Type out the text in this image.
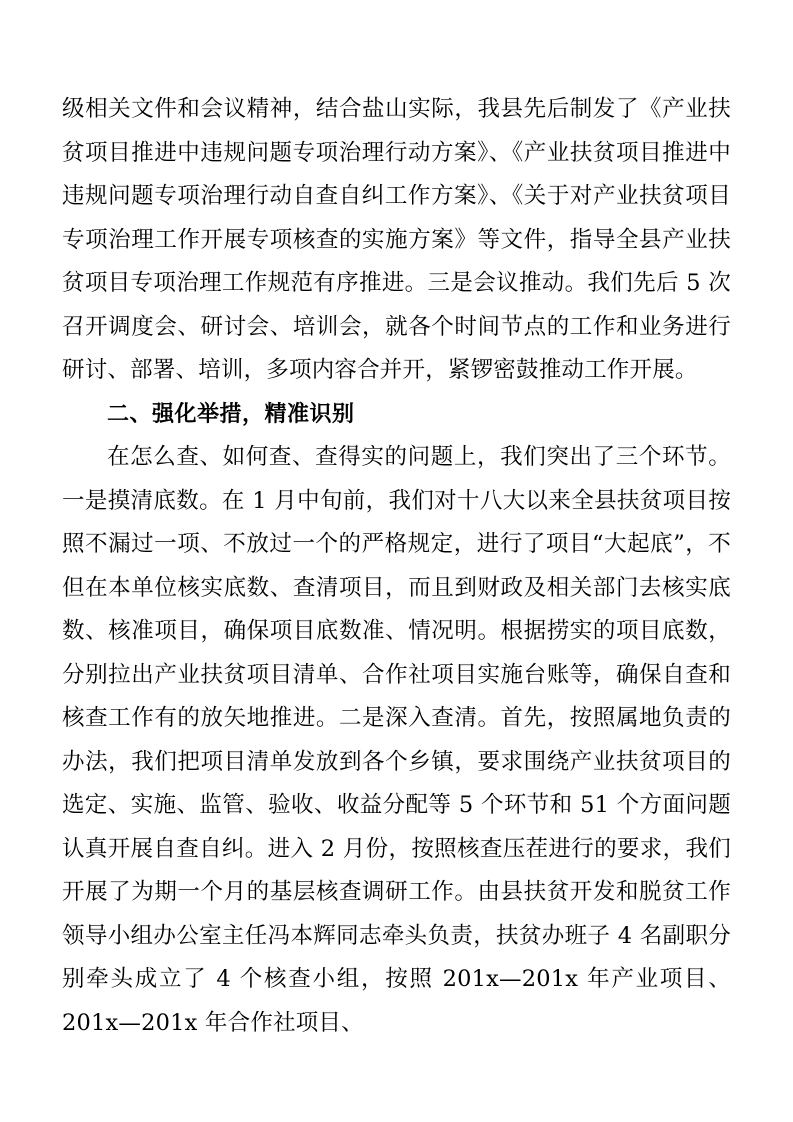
级相关文件和会议精神，结合盐山实际，我县先后制发了《产业扶贫项目推进中违规问题专项治理行动方案》、《产业扶贫项目推进中违规问题专项治理行动自查自纠工作方案》、《关于对产业扶贫项目专项治理工作开展专项核查的实施方案》等文件，指导全县产业扶贫项目专项治理工作规范有序推进。三是会议推动。我们先后 5 次召开调度会、研讨会、培训会，就各个时间节点的工作和业务进行研讨、部署、培训，多项内容合并开，紧锣密鼓推动工作开展。

二、强化举措，精准识别

在怎么查、如何查、查得实的问题上，我们突出了三个环节。一是摸清底数。在 1 月中旬前，我们对十八大以来全县扶贫项目按照不漏过一项、不放过一个的严格规定，进行了项目“大起底”，不但在本单位核实底数、查清项目，而且到财政及相关部门去核实底数、核准项目，确保项目底数准、情况明。根据捞实的项目底数，分别拉出产业扶贫项目清单、合作社项目实施台账等，确保自查和核查工作有的放矢地推进。二是深入查清。首先，按照属地负责的办法，我们把项目清单发放到各个乡镇，要求围绕产业扶贫项目的选定、实施、监管、验收、收益分配等 5 个环节和 51 个方面问题认真开展自查自纠。进入 2 月份，按照核查压茬进行的要求，我们开展了为期一个月的基层核查调研工作。由县扶贫开发和脱贫工作领导小组办公室主任冯本辉同志牵头负责，扶贫办班子 4 名副职分别牵头成立了 4 个核查小组，按照 201x—201x 年产业项目、201x—201x 年合作社项目、
